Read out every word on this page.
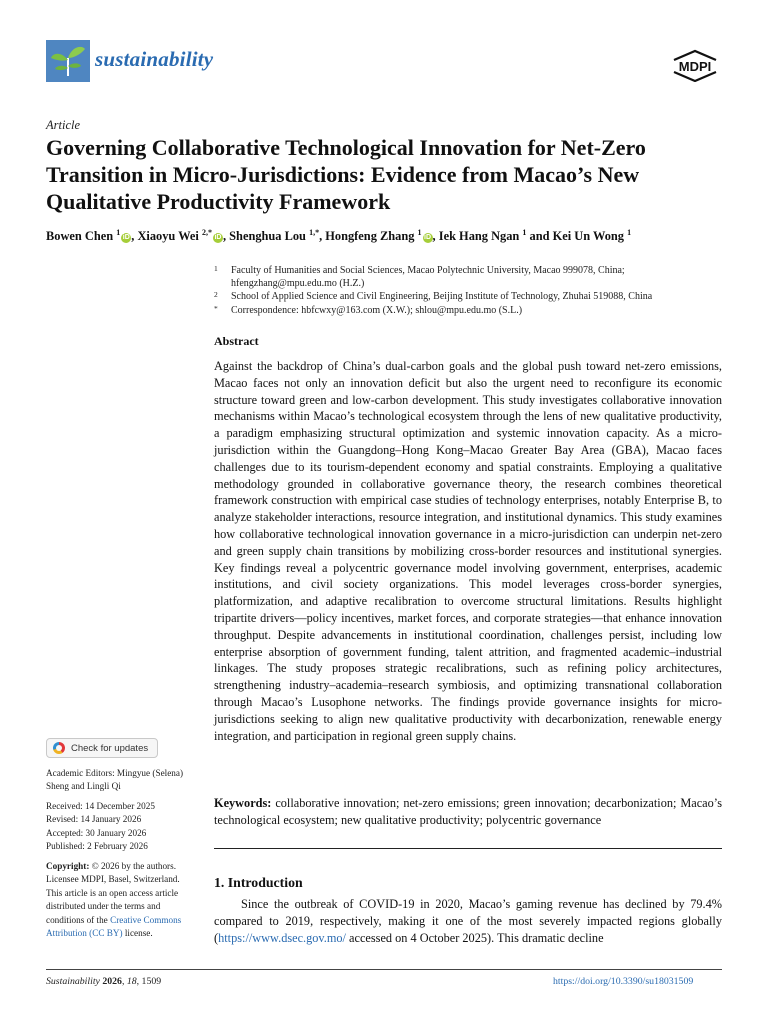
sustainability	MDPI
Article
Governing Collaborative Technological Innovation for Net-Zero Transition in Micro-Jurisdictions: Evidence from Macao’s New Qualitative Productivity Framework
Bowen Chen $^1$iD , Xiaoyu Wei $^{2,*}$iD , Shenghua Lou $^{1,*}$, Hongfeng Zhang $^1$iD , Iek Hang Ngan $^1$ and Kei Un Wong $^1$
1 Faculty of Humanities and Social Sciences, Macao Polytechnic University, Macao 999078, China; hfengzhang@mpu.edu.mo (H.Z.)
2 School of Applied Science and Civil Engineering, Beijing Institute of Technology, Zhuhai 519088, China
* Correspondence: hbfcwxy@163.com (X.W.); shlou@mpu.edu.mo (S.L.)
Abstract
Against the backdrop of China’s dual-carbon goals and the global push toward net-zero emissions, Macao faces not only an innovation deficit but also the urgent need to reconfigure its economic structure toward green and low-carbon development. This study investigates collaborative innovation mechanisms within Macao’s technological ecosystem through the lens of new qualitative productivity, a paradigm emphasizing structural optimization and systemic innovation capacity. As a micro-jurisdiction within the Guangdong–Hong Kong–Macao Greater Bay Area (GBA), Macao faces challenges due to its tourism-dependent economy and spatial constraints. Employing a qualitative methodology grounded in collaborative governance theory, the research combines theoretical framework construction with empirical case studies of technology enterprises, notably Enterprise B, to analyze stakeholder interactions, resource integration, and institutional dynamics. This study examines how collaborative technological innovation governance in a micro-jurisdiction can underpin net-zero and green supply chain transitions by mobilizing cross-border resources and institutional synergies. Key findings reveal a polycentric governance model involving government, enterprises, academic institutions, and civil society organizations. This model leverages cross-border synergies, platformization, and adaptive recalibration to overcome structural limitations. Results highlight tripartite drivers—policy incentives, market forces, and corporate strategies—that enhance innovation throughput. Despite advancements in institutional coordination, challenges persist, including low enterprise absorption of government funding, talent attrition, and fragmented academic–industrial linkages. The study proposes strategic recalibrations, such as refining policy architectures, strengthening industry–academia–research symbiosis, and optimizing transnational collaboration through Macao’s Lusophone networks. The findings provide governance insights for micro-jurisdictions seeking to align new qualitative productivity with decarbonization, renewable energy integration, and participation in regional green supply chains.
Keywords: collaborative innovation; net-zero emissions; green innovation; decarbonization; Macao’s technological ecosystem; new qualitative productivity; polycentric governance
1. Introduction
Since the outbreak of COVID-19 in 2020, Macao’s gaming revenue has declined by 79.4% compared to 2019, respectively, making it one of the most severely impacted regions globally (https://www.dsec.gov.mo/ accessed on 4 October 2025). This dramatic decline
Check for updates
Academic Editors: Mingyue (Selena) Sheng and Lingli Qi
Received: 14 December 2025
Revised: 14 January 2026
Accepted: 30 January 2026
Published: 2 February 2026
Copyright: © 2026 by the authors. Licensee MDPI, Basel, Switzerland. This article is an open access article distributed under the terms and conditions of the Creative Commons Attribution (CC BY) license.
Sustainability 2026, 18, 1509	https://doi.org/10.3390/su18031509
